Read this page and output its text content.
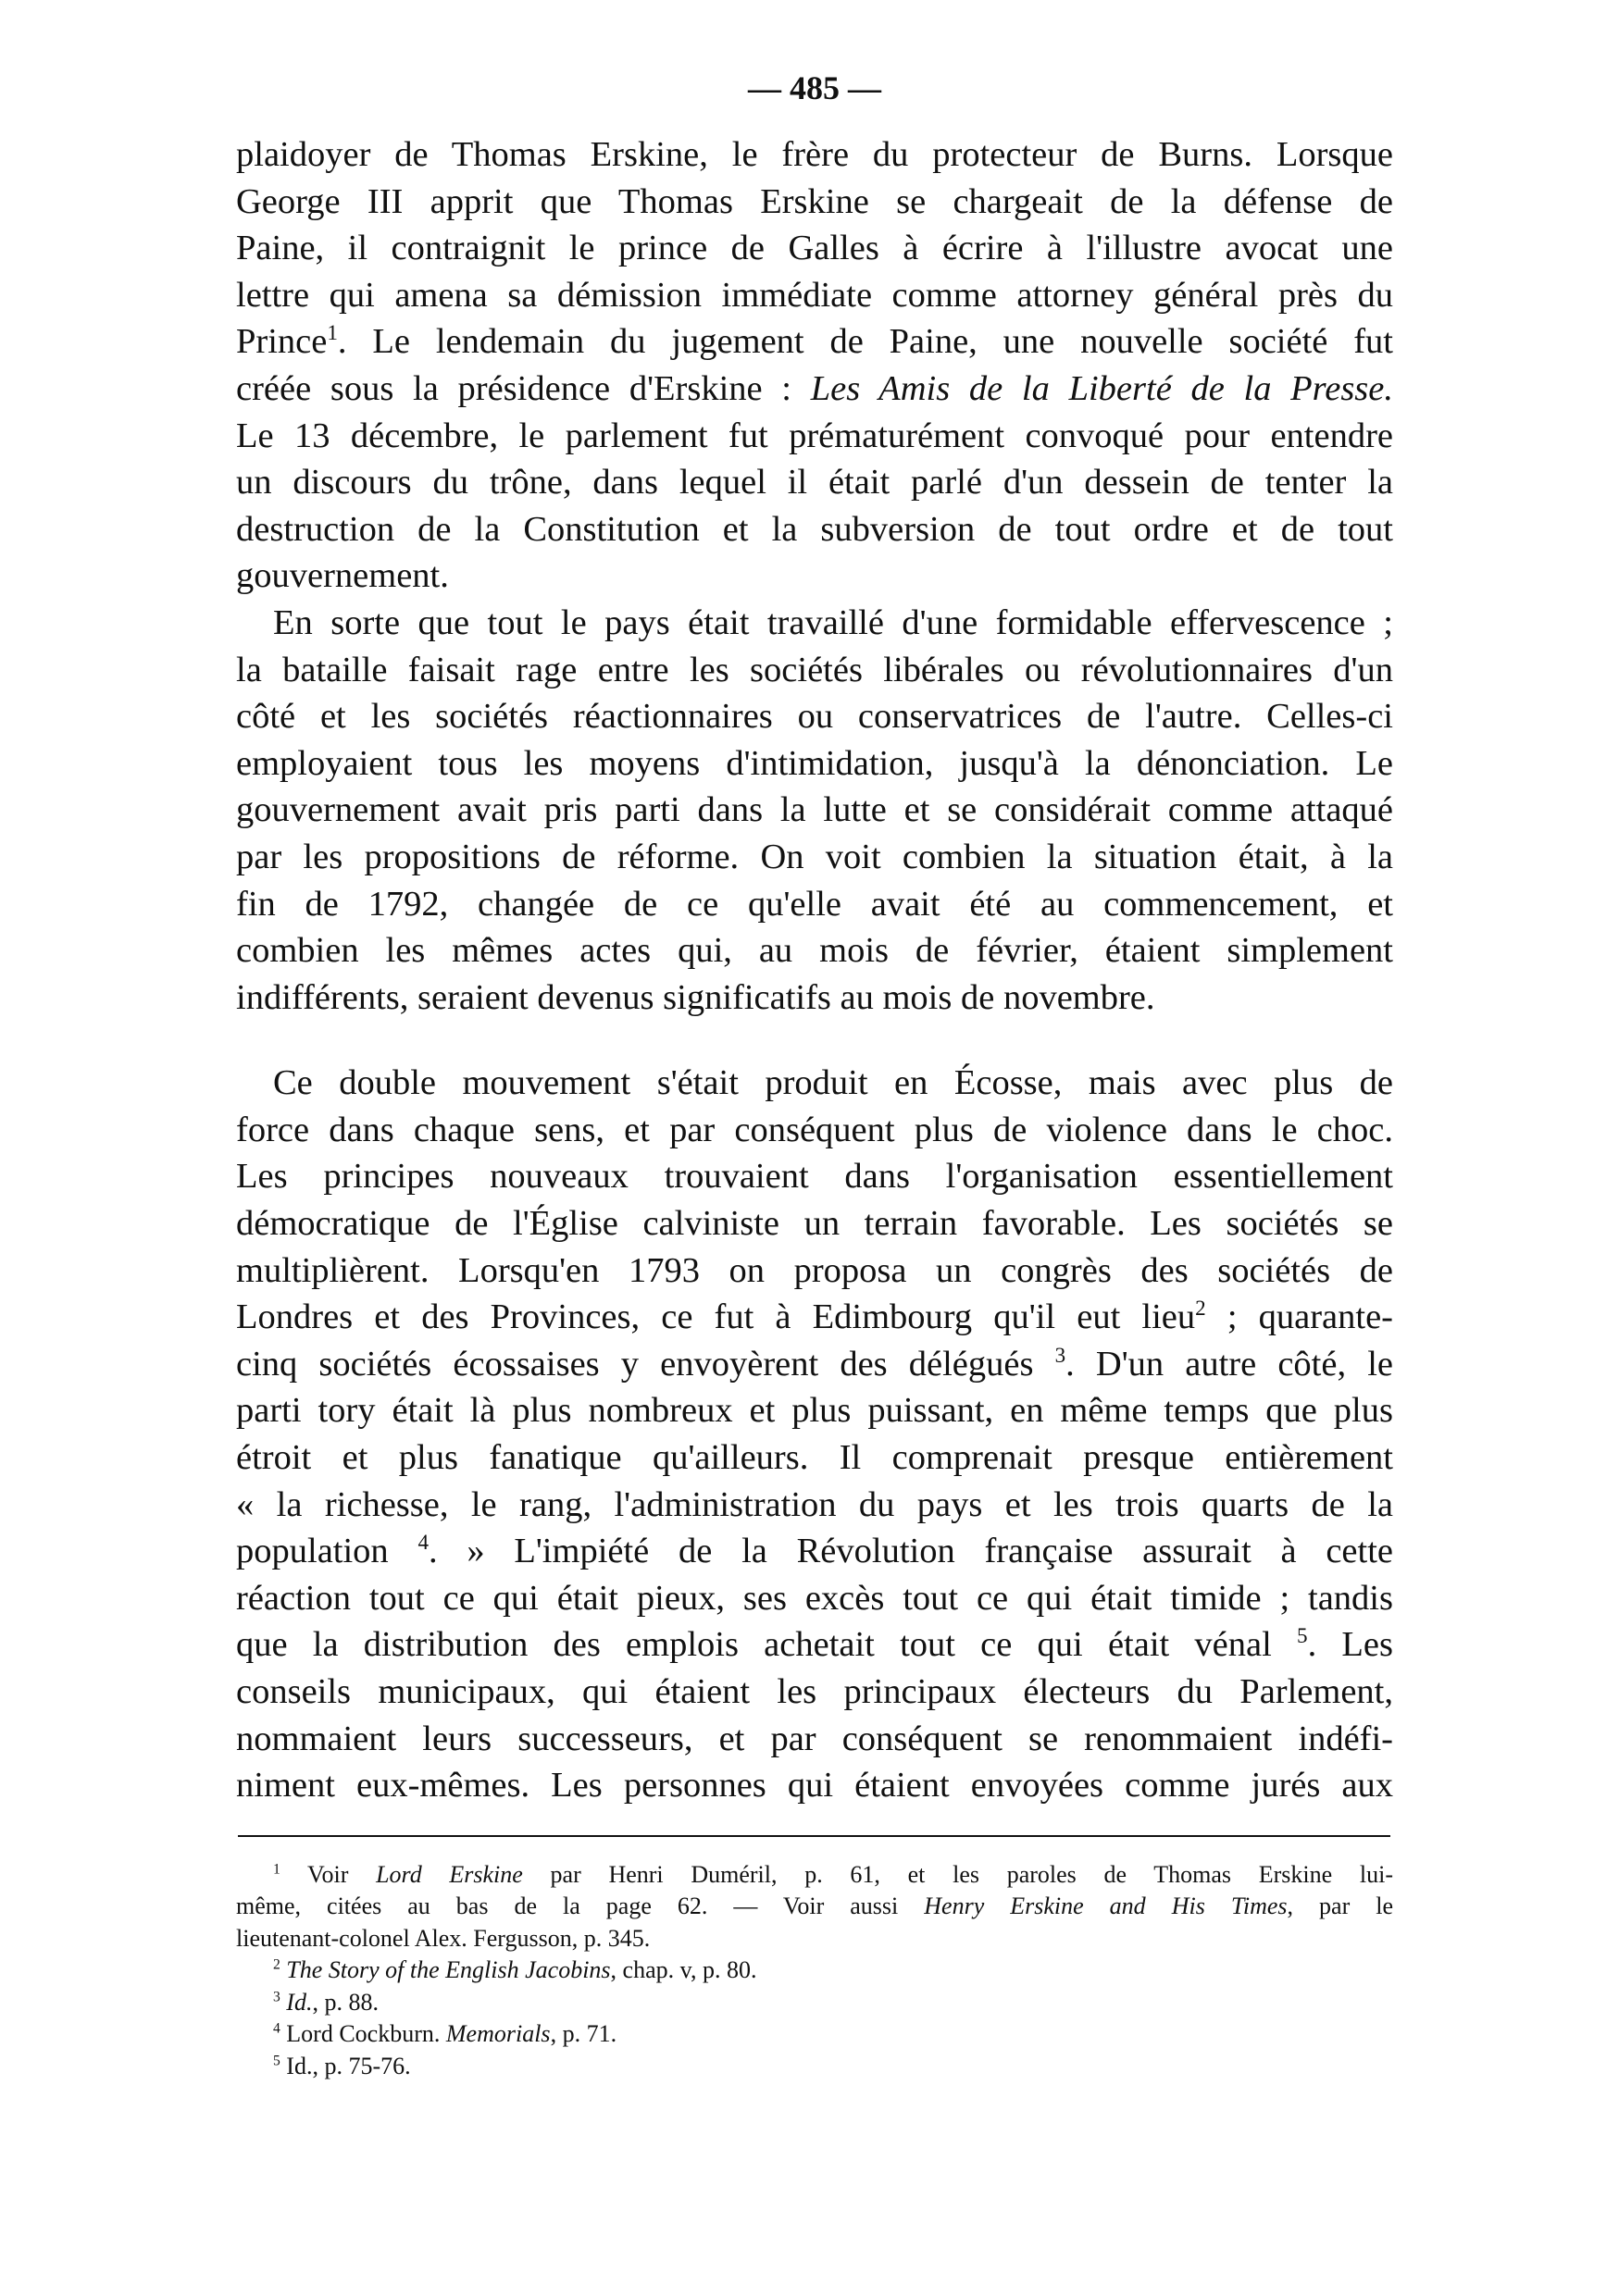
— 485 —
plaidoyer de Thomas Erskine, le frère du protecteur de Burns. Lorsque
George III apprit que Thomas Erskine se chargeait de la défense de
Paine, il contraignit le prince de Galles à écrire à l'illustre avocat une
lettre qui amena sa démission immédiate comme attorney général près du
Prince$^1$. Le lendemain du jugement de Paine, une nouvelle société fut
créée sous la présidence d'Erskine : Les Amis de la Liberté de la Presse.
Le 13 décembre, le parlement fut prématurément convoqué pour entendre
un discours du trône, dans lequel il était parlé d'un dessein de tenter la
destruction de la Constitution et la subversion de tout ordre et de tout
gouvernement.
En sorte que tout le pays était travaillé d'une formidable effervescence ;
la bataille faisait rage entre les sociétés libérales ou révolutionnaires d'un
côté et les sociétés réactionnaires ou conservatrices de l'autre. Celles-ci
employaient tous les moyens d'intimidation, jusqu'à la dénonciation. Le
gouvernement avait pris parti dans la lutte et se considérait comme attaqué
par les propositions de réforme. On voit combien la situation était, à la
fin de 1792, changée de ce qu'elle avait été au commencement, et
combien les mêmes actes qui, au mois de février, étaient simplement
indifférents, seraient devenus significatifs au mois de novembre.
Ce double mouvement s'était produit en Écosse, mais avec plus de
force dans chaque sens, et par conséquent plus de violence dans le choc.
Les principes nouveaux trouvaient dans l'organisation essentiellement
démocratique de l'Église calviniste un terrain favorable. Les sociétés se
multiplièrent. Lorsqu'en 1793 on proposa un congrès des sociétés de
Londres et des Provinces, ce fut à Edimbourg qu'il eut lieu$^2$ ; quarante-
cinq sociétés écossaises y envoyèrent des délégués $^3$. D'un autre côté, le
parti tory était là plus nombreux et plus puissant, en même temps que plus
étroit et plus fanatique qu'ailleurs. Il comprenait presque entièrement
« la richesse, le rang, l'administration du pays et les trois quarts de la
population $^4$. » L'impiété de la Révolution française assurait à cette
réaction tout ce qui était pieux, ses excès tout ce qui était timide ; tandis
que la distribution des emplois achetait tout ce qui était vénal $^5$. Les
conseils municipaux, qui étaient les principaux électeurs du Parlement,
nommaient leurs successeurs, et par conséquent se renommaient indéfi-
niment eux-mêmes. Les personnes qui étaient envoyées comme jurés aux
$^1$ Voir Lord Erskine par Henri Duméril, p. 61, et les paroles de Thomas Erskine lui-
même, citées au bas de la page 62. — Voir aussi Henry Erskine and His Times, par le
lieutenant-colonel Alex. Fergusson, p. 345.
$^2$ The Story of the English Jacobins, chap. v, p. 80.
$^3$ Id., p. 88.
$^4$ Lord Cockburn. Memorials, p. 71.
$^5$ Id., p. 75-76.
